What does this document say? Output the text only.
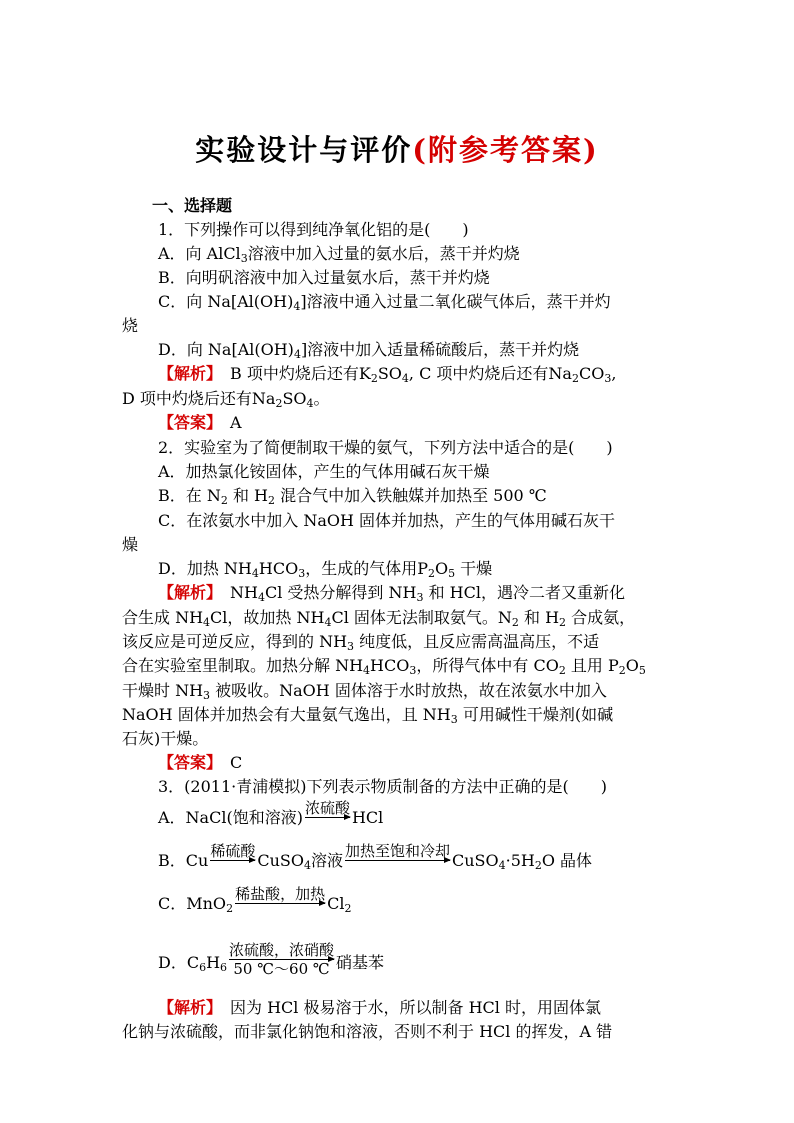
实验设计与评价(附参考答案)
一、选择题
1．下列操作可以得到纯净氧化铝的是(　　)
A．向 AlCl$_3$溶液中加入过量的氨水后，蒸干并灼烧
B．向明矾溶液中加入过量氨水后，蒸干并灼烧
C．向 $Na[Al(OH)_4]$溶液中通入过量二氧化碳气体后，蒸干并灼
烧
D．向 $Na[Al(OH)_4]$溶液中加入适量稀硫酸后，蒸干并灼烧
【解析】　B 项中灼烧后还有$K_2SO_4$, C 项中灼烧后还有$Na_2CO_3$,
D 项中灼烧后还有$Na_2SO_4$。
【答案】　A
2．实验室为了简便制取干燥的氨气，下列方法中适合的是(　　)
A．加热氯化铵固体，产生的气体用碱石灰干燥
B．在 $N_2$ 和 $H_2$ 混合气中加入铁触媒并加热至 500 ℃
C．在浓氨水中加入 NaOH 固体并加热，产生的气体用碱石灰干
燥
D．加热 $NH_4HCO_3$，生成的气体用$P_2O_5$ 干燥
【解析】　$NH_4Cl$ 受热分解得到 $NH_3$ 和 HCl，遇冷二者又重新化
合生成 $NH_4Cl$，故加热 $NH_4Cl$ 固体无法制取氨气。$N_2$ 和 $H_2$ 合成氨，
该反应是可逆反应，得到的 $NH_3$ 纯度低，且反应需高温高压，不适
合在实验室里制取。加热分解 $NH_4HCO_3$，所得气体中有 $CO_2$ 且用 $P_2O_5$
干燥时 $NH_3$ 被吸收。NaOH 固体溶于水时放热，故在浓氨水中加入
NaOH 固体并加热会有大量氨气逸出，且 $NH_3$ 可用碱性干燥剂(如碱
石灰)干燥。
【答案】　C
3．(2011·青浦模拟)下列表示物质制备的方法中正确的是(　　)
A．NaCl(饱和溶液) 浓硫酸 HCl
B．Cu 稀硫酸 CuSO$_4$溶液 加热至饱和冷却 $CuSO_4\cdot 5H_2O$ 晶体
C．MnO$_2$
稀盐酸，加热 $Cl_2$
D．$C_6H_6$
浓硫酸，浓硝酸
50 ℃～60 ℃ 硝基苯
【解析】　因为 HCl 极易溶于水，所以制备 HCl 时，用固体氯
化钠与浓硫酸，而非氯化钠饱和溶液，否则不利于 HCl 的挥发，A 错
